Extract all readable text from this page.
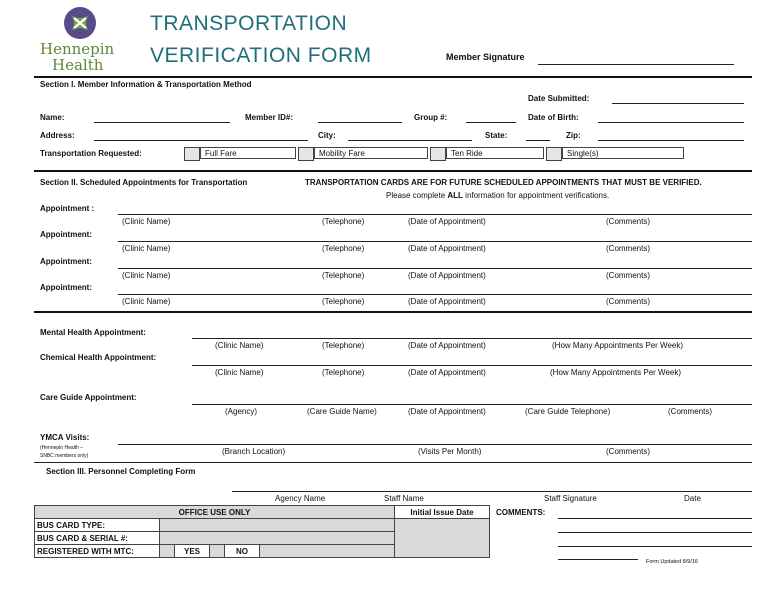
Hennepin
Health
TRANSPORTATION
VERIFICATION FORM	Member Signature
Section I. Member Information & Transportation Method
Date Submitted:
Name:	Member ID#:	Group #:	Date of Birth:
Address:	City:	State:	Zip:
Transportation Requested:	Full Fare	Mobility Fare	Ten Ride	Single(s)
Section II. Scheduled Appointments for Transportation	TRANSPORTATION CARDS ARE FOR FUTURE SCHEDULED APPOINTMENTS THAT MUST BE VERIFIED.
Please complete ALL information for appointment verifications.
Appointment :
(Clinic Name)	(Telephone)	(Date of Appointment)	(Comments)
Appointment:
(Clinic Name)	(Telephone)	(Date of Appointment)	(Comments)
Appointment:
(Clinic Name)	(Telephone)	(Date of Appointment)	(Comments)
Appointment:
(Clinic Name)	(Telephone)	(Date of Appointment)	(Comments)
Mental Health Appointment:
(Clinic Name)	(Telephone)	(Date of Appointment)	(How Many Appointments Per Week)
Chemical Health Appointment:
(Clinic Name)	(Telephone)	(Date of Appointment)	(How Many Appointments Per Week)
Care Guide Appointment:
(Agency)	(Care Guide Name)	(Date of Appointment)	(Care Guide Telephone)	(Comments)
YMCA Visits:
(Hennepin Health –
SNBC members only)	(Branch Location)	(Visits Per Month)	(Comments)
Section III. Personnel Completing Form
Agency Name	Staff Name	Staff Signature	Date
OFFICE USE ONLY						Initial Issue Date
BUS CARD TYPE:						
BUS CARD & SERIAL #:						
REGISTERED WITH MTC:		YES		NO		
COMMENTS:
Form Updated 8/9/16
